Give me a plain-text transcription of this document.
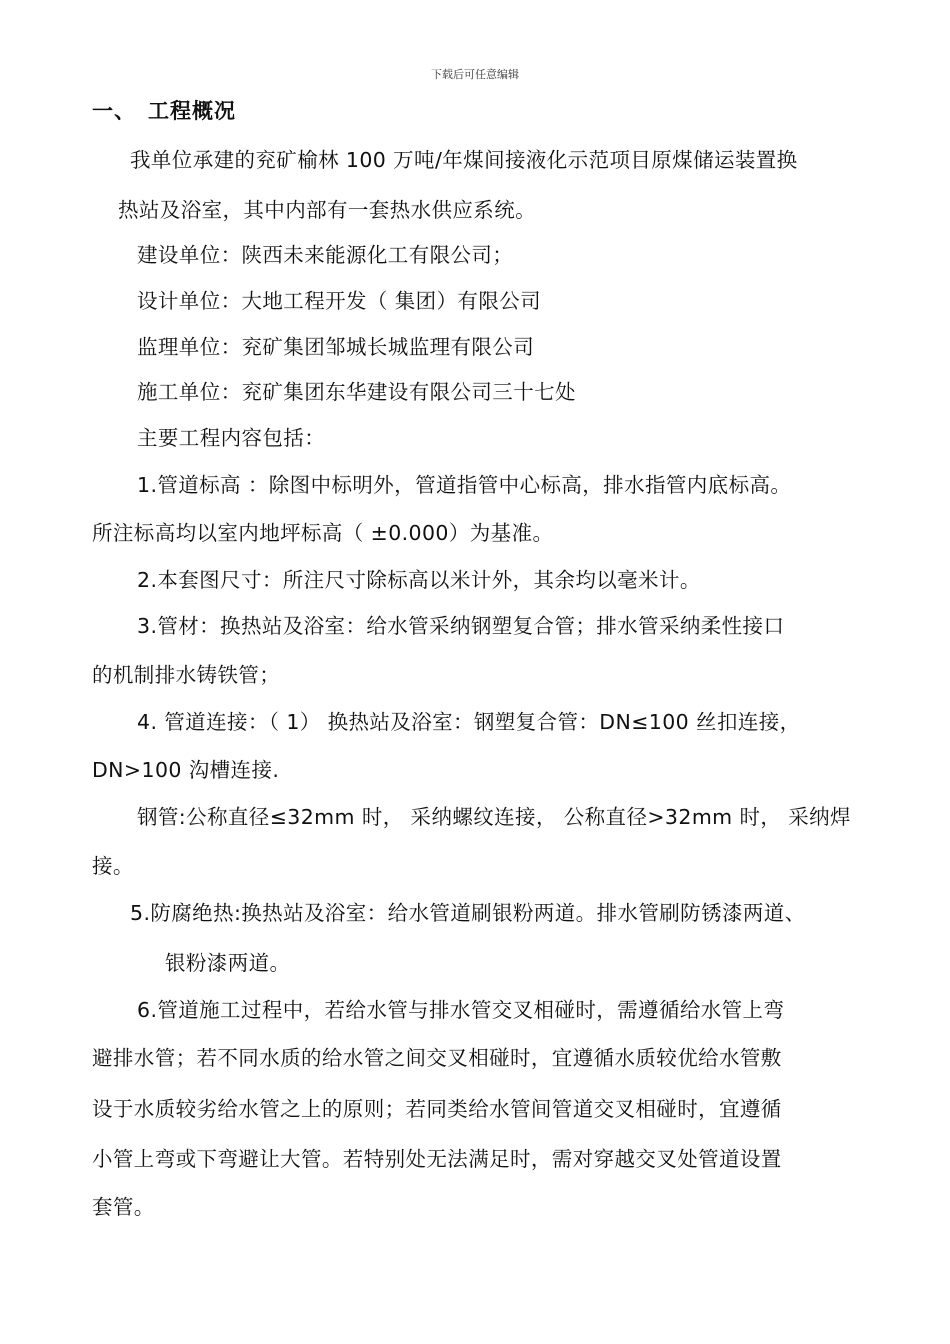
下载后可任意编辑
一、 工程概况
我单位承建的兖矿榆林 100 万吨/年煤间接液化示范项目原煤储运装置换
热站及浴室，其中内部有一套热水供应系统。
建设单位：陕西未来能源化工有限公司；
设计单位：大地工程开发（ 集团）有限公司
监理单位：兖矿集团邹城长城监理有限公司
施工单位：兖矿集团东华建设有限公司三十七处
主要工程内容包括：
1.管道标高 ：除图中标明外，管道指管中心标高，排水指管内底标高。
所注标高均以室内地坪标高（ ±0.000）为基准。
2.本套图尺寸：所注尺寸除标高以米计外，其余均以毫米计。
3.管材：换热站及浴室：给水管采纳钢塑复合管；排水管采纳柔性接口
的机制排水铸铁管；
4. 管道连接：（ 1） 换热站及浴室：钢塑复合管：DN≤100 丝扣连接，
DN>100 沟槽连接.
钢管:公称直径≤32mm 时， 采纳螺纹连接， 公称直径>32mm 时， 采纳焊
接。
5.防腐绝热:换热站及浴室：给水管道刷银粉两道。排水管刷防锈漆两道、
银粉漆两道。
6.管道施工过程中，若给水管与排水管交叉相碰时，需遵循给水管上弯
避排水管；若不同水质的给水管之间交叉相碰时，宜遵循水质较优给水管敷
设于水质较劣给水管之上的原则；若同类给水管间管道交叉相碰时，宜遵循
小管上弯或下弯避让大管。若特别处无法满足时，需对穿越交叉处管道设置
套管。
